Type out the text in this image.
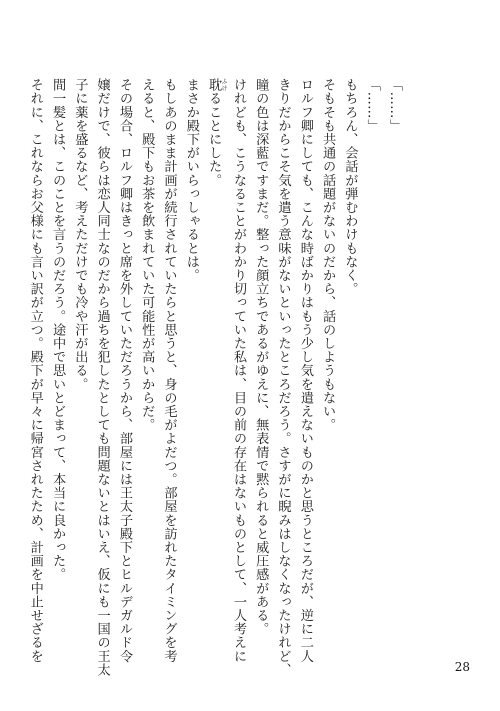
「……」
「……」
もちろん、会話が弾むわけもなく。
そもそも共通の話題がないのだから、話のしようもない。
ロルフ卿にしても、こんな時ばかりはもう少し気を遣えないものかと思うところだが、逆に二人
きりだからこそ気を遣う意味がないといったところだろう。さすがに睨みはしなくなったけれど、
瞳の色は深藍ですまだ。整った顔立ちであるがゆえに、無表情で黙られると威圧感がある。
けれども、こうなることがわかり切っていた私は、目の前の存在はないものとして、一人考えに
耽 ふけることにした。
まさか殿下がいらっしゃるとは。
もしあのまま計画が続行されていたらと思うと、身の毛がよだつ。部屋を訪れたタイミングを考
えると、殿下もお茶を飲まれていた可能性が高いからだ。
その場合、ロルフ卿はきっと席を外していただろうから、部屋には王太子殿下とヒルデガルド令
嬢だけで、彼らは恋人同士なのだから過ちを犯したとしても問題ないとはいえ、仮にも一国の王太
子に薬を盛るなど、考えただけでも冷や汗が出る。
間一髪とは、このことを言うのだろう。途中で思いとどまって、本当に良かった。
それに、これならお父様にも言い訳が立つ。殿下が早々に帰宮されたため、計画を中止せざるを
28
